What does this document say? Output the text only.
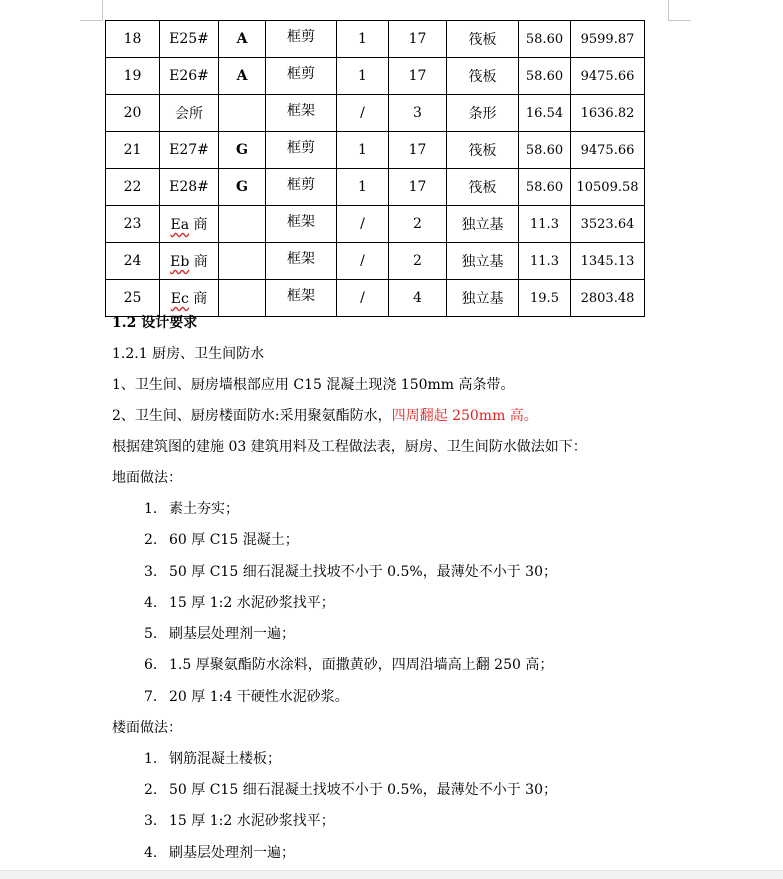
18	E25#	A	框剪	1	17	筏板	58.60	9599.87
19	E26#	A	框剪	1	17	筏板	58.60	9475.66
20	会所		框架	/	3	条形	16.54	1636.82
21	E27#	G	框剪	1	17	筏板	58.60	9475.66
22	E28#	G	框剪	1	17	筏板	58.60	10509.58
23	Ea 商		框架	/	2	独立基	11.3	3523.64
24	Eb 商		框架	/	2	独立基	11.3	1345.13
25	Ec 商		框架	/	4	独立基	19.5	2803.48
1.2 设计要求
1.2.1 厨房、卫生间防水
1、卫生间、厨房墙根部应用 C15 混凝土现浇 150mm 高条带。
2、卫生间、厨房楼面防水:采用聚氨酯防水，四周翻起 250mm 高。
根据建筑图的建施 03 建筑用料及工程做法表，厨房、卫生间防水做法如下：
地面做法：
1. 素土夯实；
2. 60 厚 C15 混凝土；
3. 50 厚 C15 细石混凝土找坡不小于 0.5%，最薄处不小于 30；
4. 15 厚 1:2 水泥砂浆找平；
5. 刷基层处理剂一遍；
6. 1.5 厚聚氨酯防水涂料，面撒黄砂，四周沿墙高上翻 250 高；
7. 20 厚 1:4 干硬性水泥砂浆。
楼面做法：
1. 钢筋混凝土楼板；
2. 50 厚 C15 细石混凝土找坡不小于 0.5%，最薄处不小于 30；
3. 15 厚 1:2 水泥砂浆找平；
4. 刷基层处理剂一遍；
